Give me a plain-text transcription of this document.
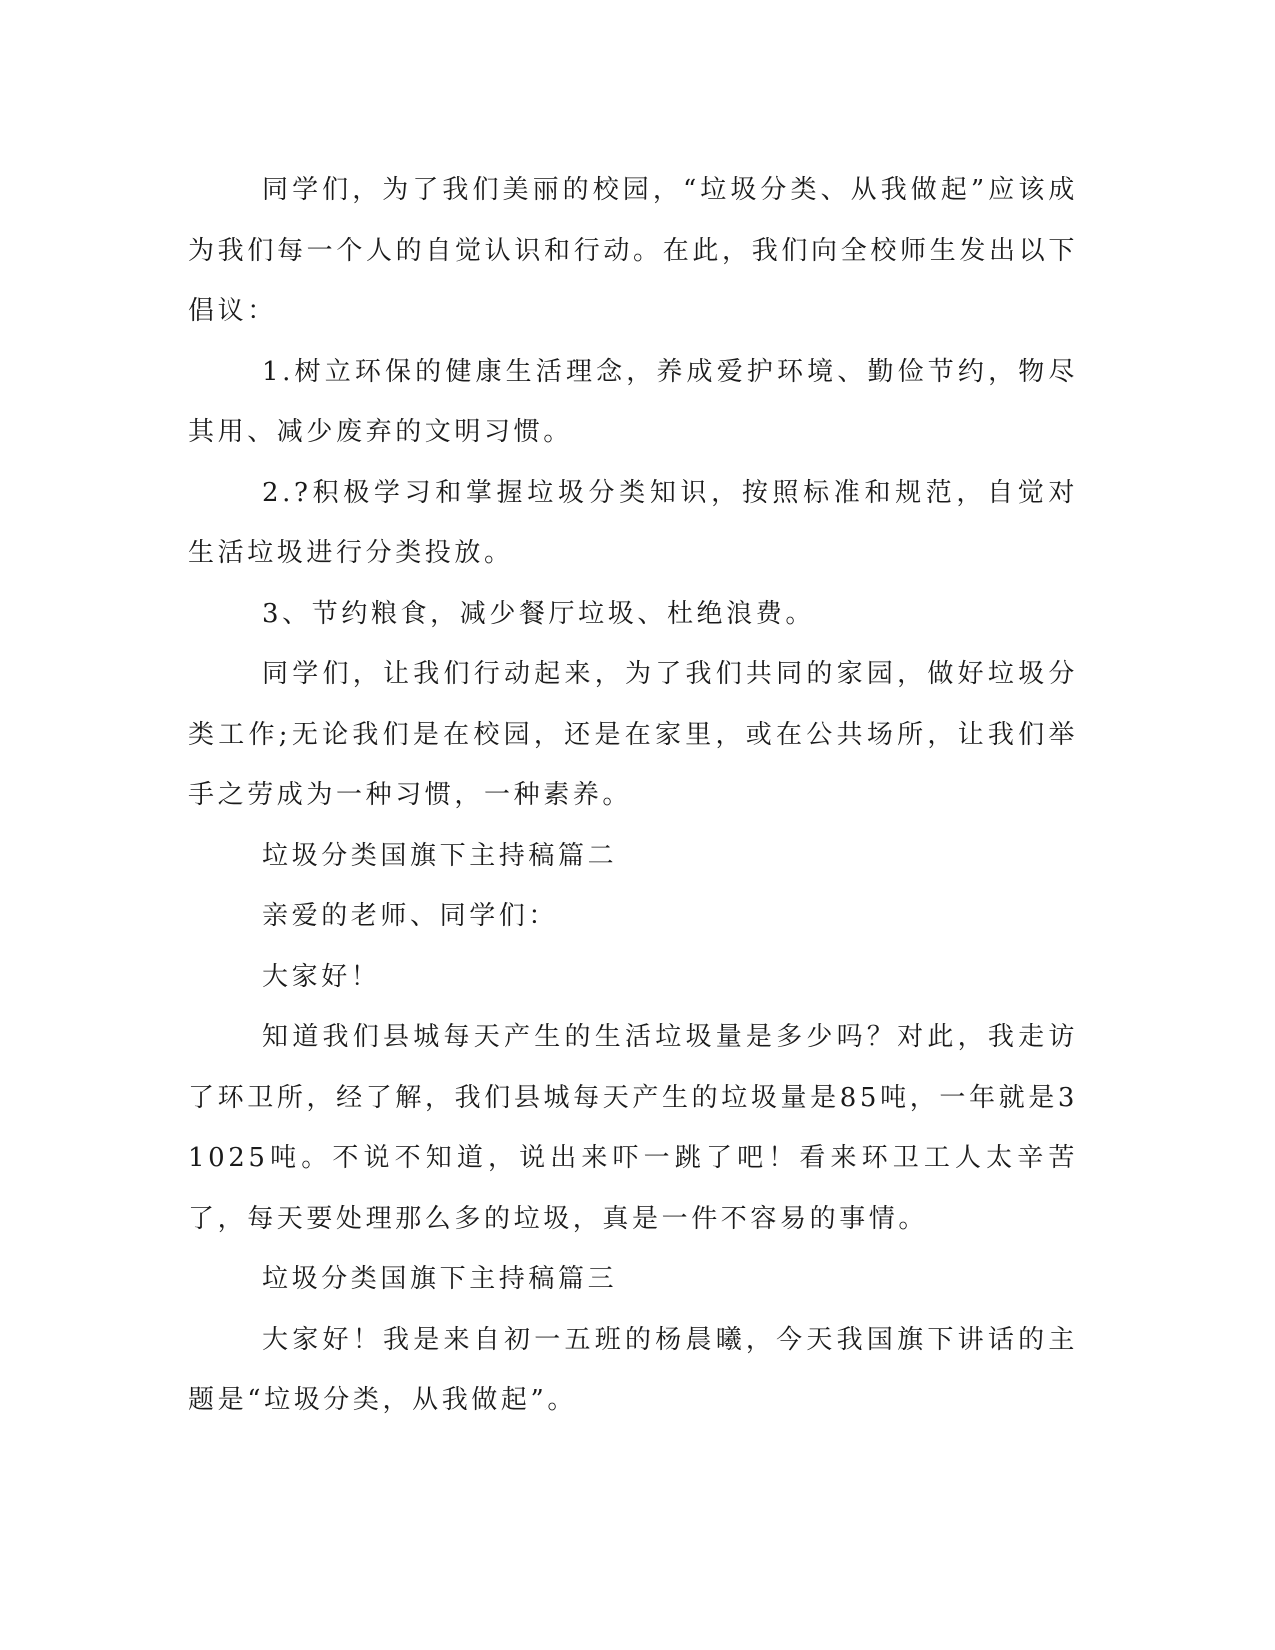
同学们，为了我们美丽的校园，“垃圾分类、从我做起”应该成为我们每一个人的自觉认识和行动。在此，我们向全校师生发出以下倡议：

1.树立环保的健康生活理念，养成爱护环境、勤俭节约，物尽其用、减少废弃的文明习惯。

2.?积极学习和掌握垃圾分类知识，按照标准和规范，自觉对生活垃圾进行分类投放。

3、节约粮食，减少餐厅垃圾、杜绝浪费。

同学们，让我们行动起来，为了我们共同的家园，做好垃圾分类工作;无论我们是在校园，还是在家里，或在公共场所，让我们举手之劳成为一种习惯，一种素养。

垃圾分类国旗下主持稿篇二

亲爱的老师、同学们：

大家好！

知道我们县城每天产生的生活垃圾量是多少吗？对此，我走访了环卫所，经了解，我们县城每天产生的垃圾量是85吨，一年就是31025吨。不说不知道，说出来吓一跳了吧！看来环卫工人太辛苦了，每天要处理那么多的垃圾，真是一件不容易的事情。

垃圾分类国旗下主持稿篇三

大家好！我是来自初一五班的杨晨曦，今天我国旗下讲话的主题是“垃圾分类，从我做起”。
